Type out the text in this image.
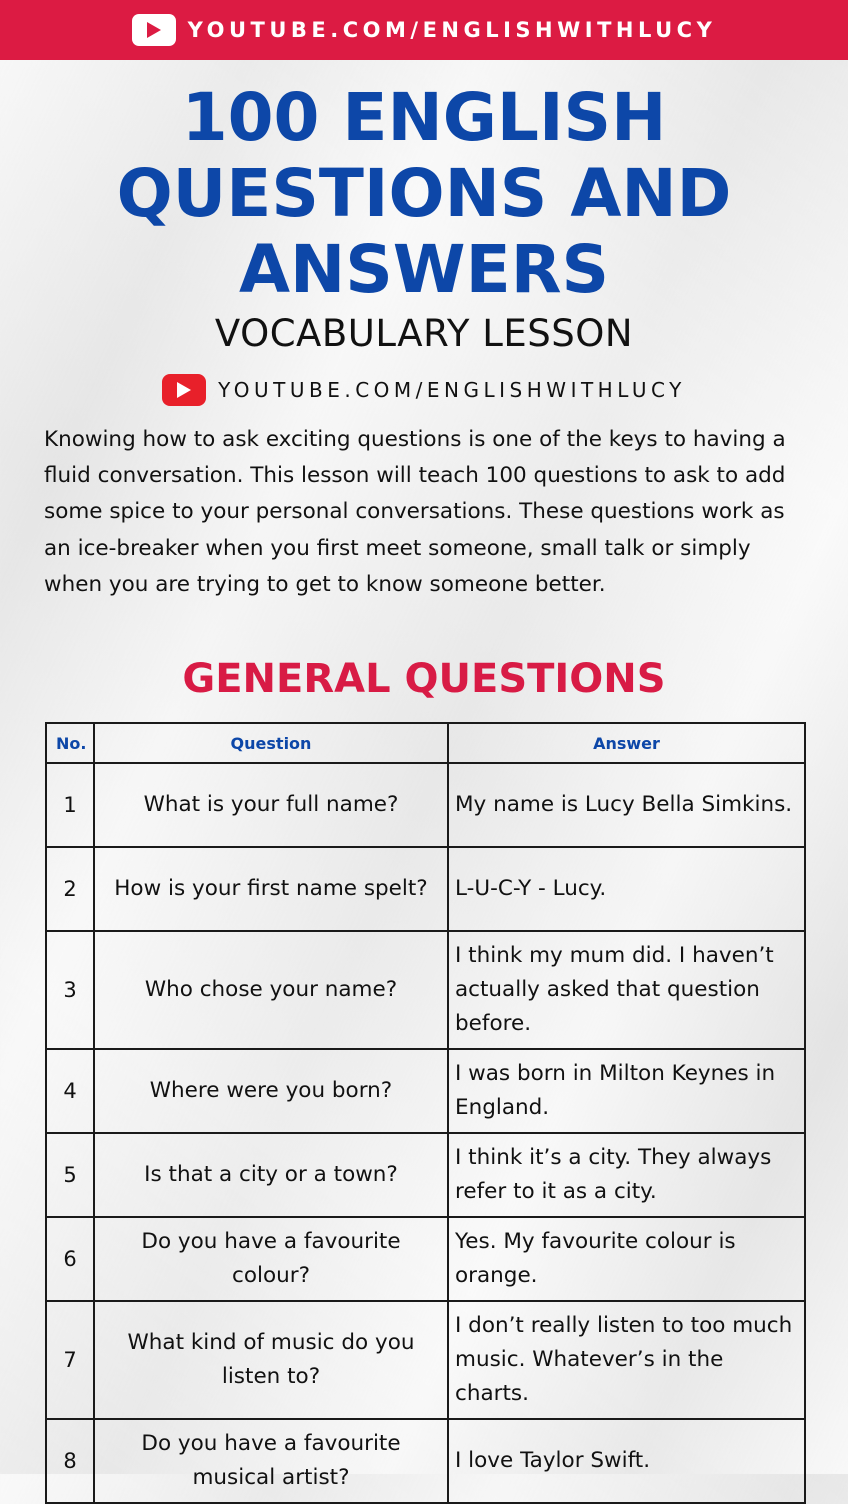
YOUTUBE.COM/ENGLISHWITHLUCY
100 ENGLISH
QUESTIONS AND
ANSWERS
VOCABULARY LESSON
YOUTUBE.COM/ENGLISHWITHLUCY

Knowing how to ask exciting questions is one of the keys to having a fluid conversation. This lesson will teach 100 questions to ask to add some spice to your personal conversations. These questions work as an ice-breaker when you first meet someone, small talk or simply when you are trying to get to know someone better.

GENERAL QUESTIONS
No.	Question	Answer
1	What is your full name?	My name is Lucy Bella Simkins.
2	How is your first name spelt?	L-U-C-Y - Lucy.
3	Who chose your name?	I think my mum did. I haven’t actually asked that question before.
4	Where were you born?	I was born in Milton Keynes in England.
5	Is that a city or a town?	I think it’s a city. They always refer to it as a city.
6	Do you have a favourite colour?	Yes. My favourite colour is orange.
7	What kind of music do you listen to?	I don’t really listen to too much music. Whatever’s in the charts.
8	Do you have a favourite musical artist?	I love Taylor Swift.
